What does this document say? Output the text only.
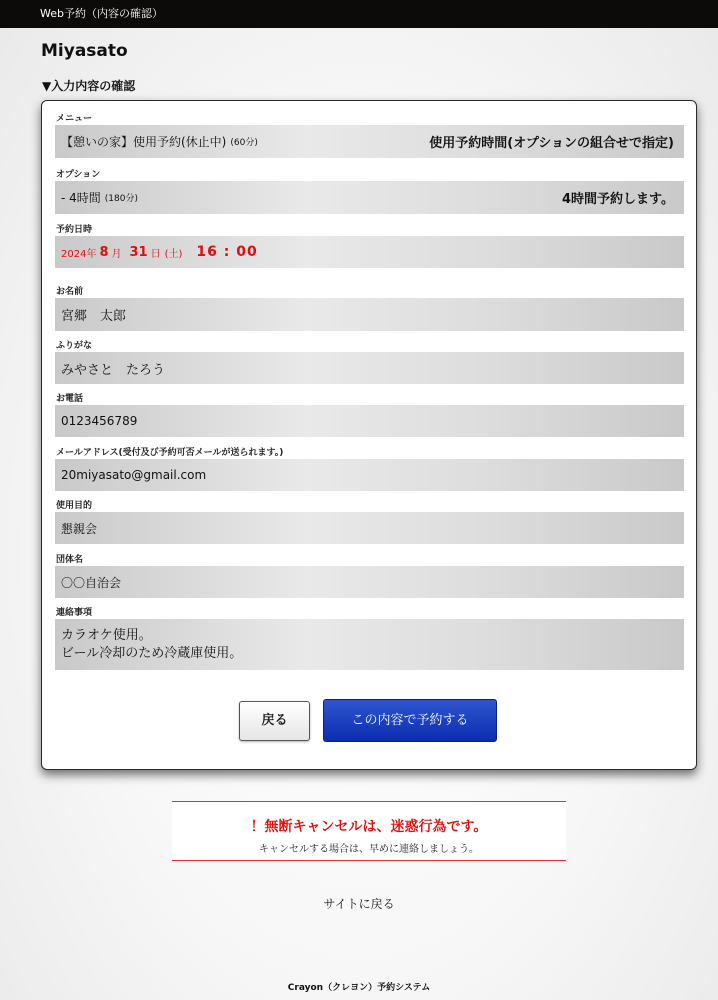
Web予約（内容の確認）
Miyasato
▼入力内容の確認
メニュー
【憩いの家】使用予約(休止中) (60分)	使用予約時間(オプションの組合せで指定)
オプション
- 4時間 (180分)	4時間予約します。
予約日時
2024年 8 月 31 日 (土) 16 : 00
お名前
宮郷　太郎
ふりがな
みやさと　たろう
お電話
0123456789
メールアドレス(受付及び予約可否メールが送られます。)
20miyasato@gmail.com
使用目的
懇親会
団体名
〇〇自治会
連絡事項
カラオケ使用。
ビール冷却のため冷蔵庫使用。
戻る	この内容で予約する
！無断キャンセルは、迷惑行為です。
キャンセルする場合は、早めに連絡しましょう。
サイトに戻る
Crayon（クレヨン）予約システム
